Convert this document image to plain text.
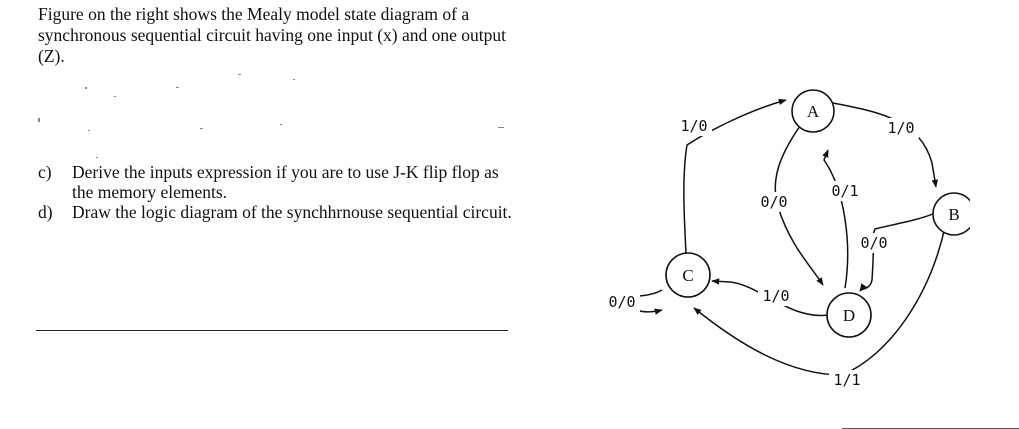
Figure on the right shows the Mealy model state diagram of a synchronous sequential circuit having one input (x) and one output (Z).

c)	Derive the inputs expression if you are to use J-K flip flop as the memory elements.
d)	Draw the logic diagram of the synchhrnouse sequential circuit.
1/0	1/0
0/0
0/1
0/0
0/0	1/0
1/1
A
B
C
D
